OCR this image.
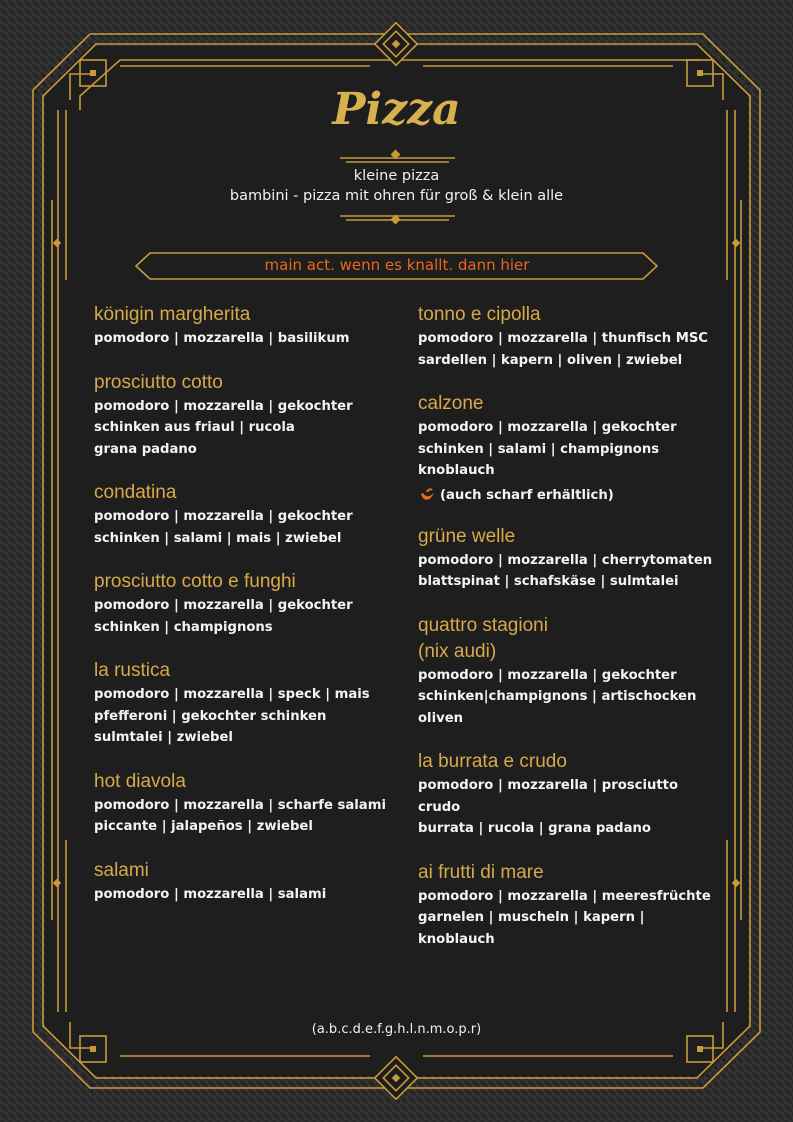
Pizza
kleine pizza
bambini - pizza mit ohren für groß & klein alle
main act. wenn es knallt. dann hier
königin margherita
pomodoro | mozzarella | basilikum
prosciutto cotto
pomodoro | mozzarella | gekochter
schinken aus friaul | rucola
grana padano
condatina
pomodoro | mozzarella | gekochter
schinken | salami | mais | zwiebel
prosciutto cotto e funghi
pomodoro | mozzarella | gekochter
schinken | champignons
la rustica
pomodoro | mozzarella | speck | mais
pfefferoni | gekochter schinken
sulmtalei | zwiebel
hot diavola
pomodoro | mozzarella | scharfe salami
piccante | jalapeños | zwiebel
salami
pomodoro | mozzarella | salami
tonno e cipolla
pomodoro | mozzarella | thunfisch MSC
sardellen | kapern | oliven | zwiebel
calzone
pomodoro | mozzarella | gekochter
schinken | salami | champignons
knoblauch
(auch scharf erhältlich)
grüne welle
pomodoro | mozzarella | cherrytomaten
blattspinat | schafskäse | sulmtalei
quattro stagioni
(nix audi)
pomodoro | mozzarella | gekochter
schinken|champignons | artischocken
oliven
la burrata e crudo
pomodoro | mozzarella | prosciutto crudo
burrata | rucola | grana padano
ai frutti di mare
pomodoro | mozzarella | meeresfrüchte
garnelen | muscheln | kapern | knoblauch
(a.b.c.d.e.f.g.h.l.n.m.o.p.r)
